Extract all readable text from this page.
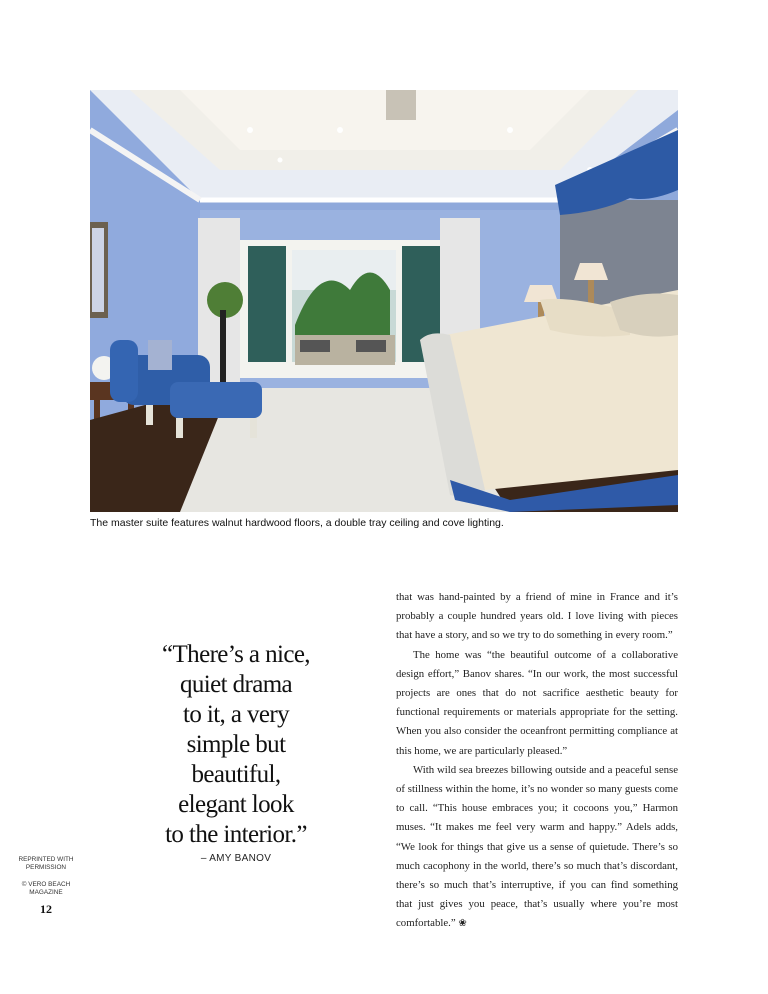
The master suite features walnut hardwood floors, a double tray ceiling and cove lighting.
“There’s a nice,
quiet drama
to it, a very
simple but
beautiful,
elegant look
to the interior.”
– AMY BANOV

REPRINTED WITH

PERMISSION

© VERO BEACH

MAGAZINE

12

that was hand-painted by a friend of mine in France and it’s probably a couple hundred years old. I love living with pieces that have a story, and so we try to do something in every room.”

The home was “the beautiful outcome of a collaborative design effort,” Banov shares. “In our work, the most successful projects are ones that do not sacrifice aesthetic beauty for functional requirements or materials appropriate for the setting. When you also consider the oceanfront permitting compliance at this home, we are particularly pleased.”

With wild sea breezes billowing outside and a peaceful sense of stillness within the home, it’s no wonder so many guests come to call. “This house embraces you; it cocoons you,” Harmon muses. “It makes me feel very warm and happy.” Adels adds, “We look for things that give us a sense of quietude. There’s so much cacophony in the world, there’s so much that’s discordant, there’s so much that’s interruptive, if you can find something that just gives you peace, that’s usually where you’re most comfortable.” ❀
